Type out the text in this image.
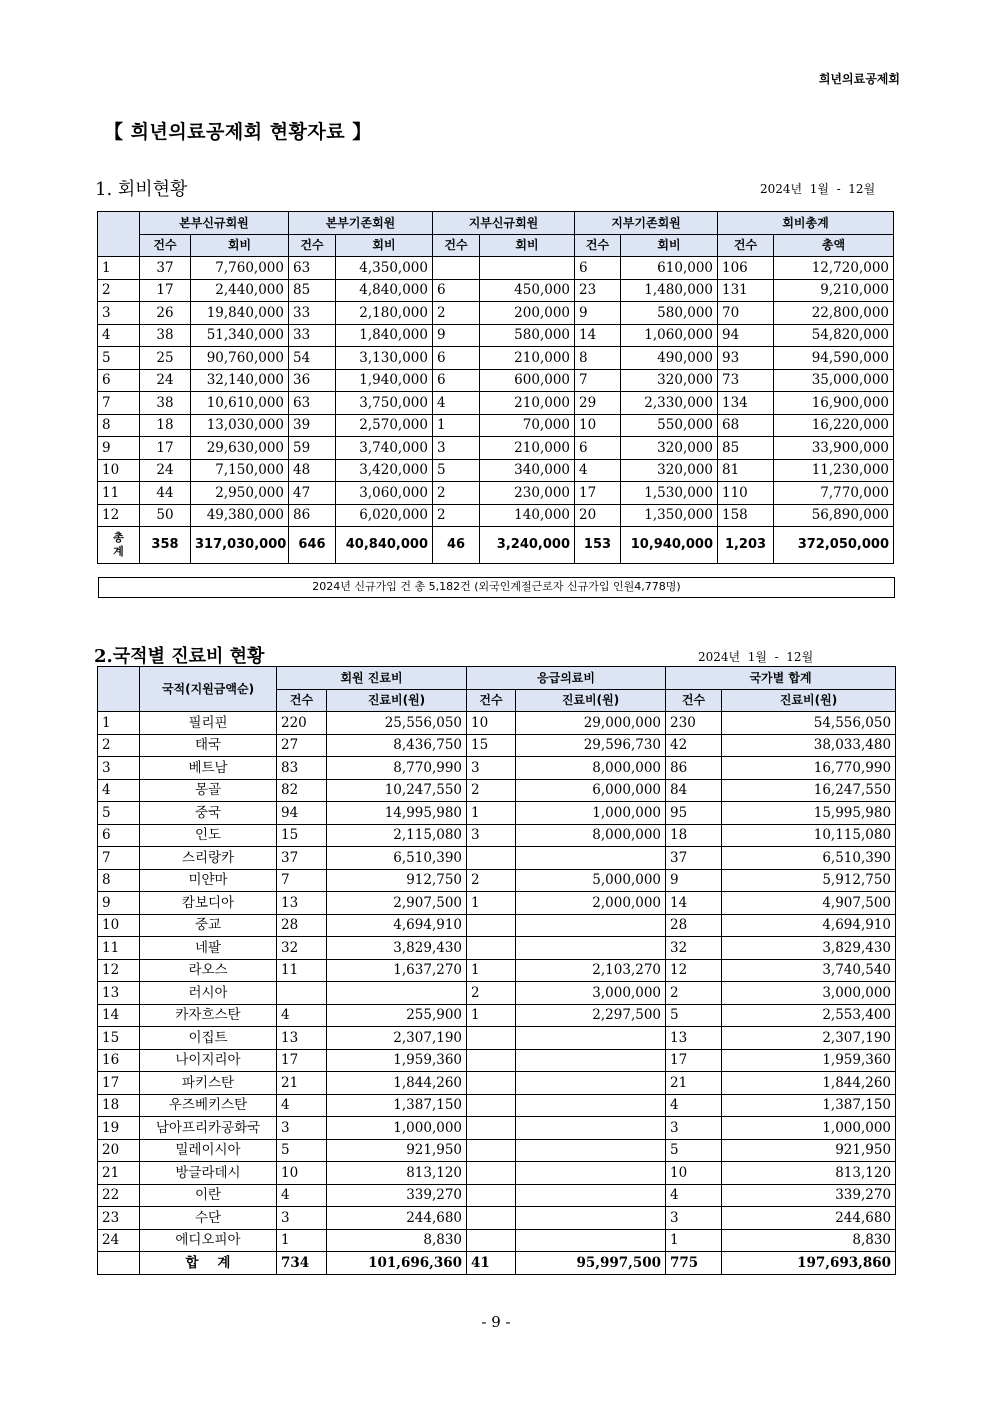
희년의료공제회
【 희년의료공제회 현황자료 】
1. 회비현황	2024년  1월  -  12월
	본부신규회원		본부기존회원		지부신규회원		지부기존회원		회비총계	
	건수	회비	건수	회비	건수	회비	건수	회비	건수	총액
1	37	7,760,000	63	4,350,000			6	610,000	106	12,720,000
2	17	2,440,000	85	4,840,000	6	450,000	23	1,480,000	131	9,210,000
3	26	19,840,000	33	2,180,000	2	200,000	9	580,000	70	22,800,000
4	38	51,340,000	33	1,840,000	9	580,000	14	1,060,000	94	54,820,000
5	25	90,760,000	54	3,130,000	6	210,000	8	490,000	93	94,590,000
6	24	32,140,000	36	1,940,000	6	600,000	7	320,000	73	35,000,000
7	38	10,610,000	63	3,750,000	4	210,000	29	2,330,000	134	16,900,000
8	18	13,030,000	39	2,570,000	1	70,000	10	550,000	68	16,220,000
9	17	29,630,000	59	3,740,000	3	210,000	6	320,000	85	33,900,000
10	24	7,150,000	48	3,420,000	5	340,000	4	320,000	81	11,230,000
11	44	2,950,000	47	3,060,000	2	230,000	17	1,530,000	110	7,770,000
12	50	49,380,000	86	6,020,000	2	140,000	20	1,350,000	158	56,890,000
총
계	358	317,030,000	646	40,840,000	46	3,240,000	153	10,940,000	1,203	372,050,000
2024년 신규가입 건 총 5,182건 (외국인계절근로자 신규가입 인원4,778명)
2.국적별 진료비 현황	2024년  1월  -  12월
	국적(지원금액순)	회원 진료비		응급의료비		국가별 합계	
		건수	진료비(원)	건수	진료비(원)	건수	진료비(원)
1	필리핀	220	25,556,050	10	29,000,000	230	54,556,050
2	태국	27	8,436,750	15	29,596,730	42	38,033,480
3	베트남	83	8,770,990	3	8,000,000	86	16,770,990
4	몽골	82	10,247,550	2	6,000,000	84	16,247,550
5	중국	94	14,995,980	1	1,000,000	95	15,995,980
6	인도	15	2,115,080	3	8,000,000	18	10,115,080
7	스리랑카	37	6,510,390			37	6,510,390
8	미얀마	7	912,750	2	5,000,000	9	5,912,750
9	캄보디아	13	2,907,500	1	2,000,000	14	4,907,500
10	중교	28	4,694,910			28	4,694,910
11	네팔	32	3,829,430			32	3,829,430
12	라오스	11	1,637,270	1	2,103,270	12	3,740,540
13	러시아			2	3,000,000	2	3,000,000
14	카자흐스탄	4	255,900	1	2,297,500	5	2,553,400
15	이집트	13	2,307,190			13	2,307,190
16	나이지리아	17	1,959,360			17	1,959,360
17	파키스탄	21	1,844,260			21	1,844,260
18	우즈베키스탄	4	1,387,150			4	1,387,150
19	남아프리카공화국	3	1,000,000			3	1,000,000
20	밀레이시아	5	921,950			5	921,950
21	방글라데시	10	813,120			10	813,120
22	이란	4	339,270			4	339,270
23	수단	3	244,680			3	244,680
24	에디오피아	1	8,830			1	8,830
	합    계	734	101,696,360	41	95,997,500	775	197,693,860
- 9 -
